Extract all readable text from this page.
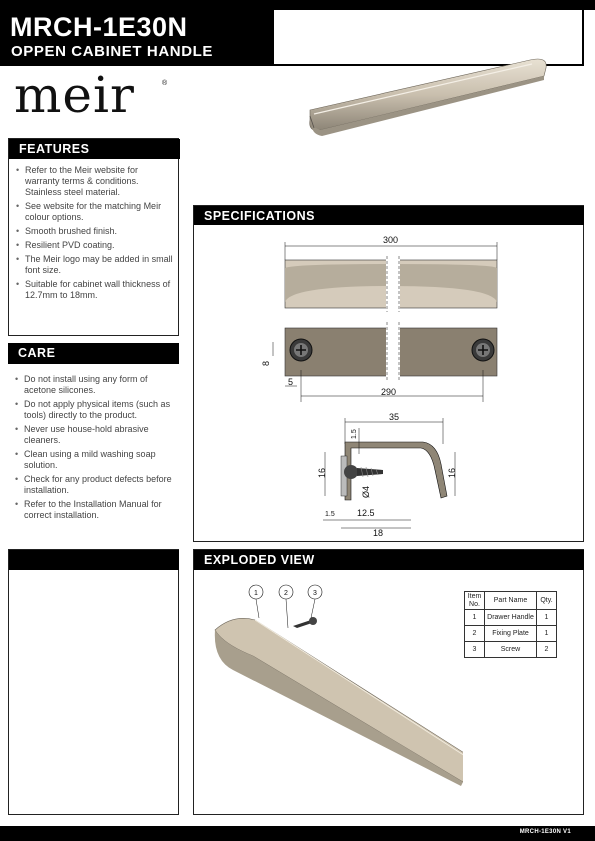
MRCH-1E30N
OPPEN CABINET HANDLE
meir	®
FEATURES
• Refer to the Meir website for warranty terms & conditions. Stainless steel material.
• See website for the matching Meir colour options.
• Smooth brushed finish.
• Resilient PVD coating.
• The Meir logo may be added in small font size.
• Suitable for cabinet wall thickness of 12.7mm to 18mm.
CARE
• Do not install using any form of acetone silicones.
• Do not apply physical items (such as tools) directly to the product.
• Never use house-hold abrasive cleaners.
• Clean using a mild washing soap solution.
• Check for any product defects before installation.
• Refer to the Installation Manual for correct installation.
SPECIFICATIONS
300
8
5
290
35
1.5
16	16
Ø4
1.5 12.5
18
EXPLODED VIEW
1	2	3	Item No.	Part Name	Qty.
1	Drawer Handle	1
2	Fixing Plate	1
3	Screw	2
MRCH-1E30N V1
